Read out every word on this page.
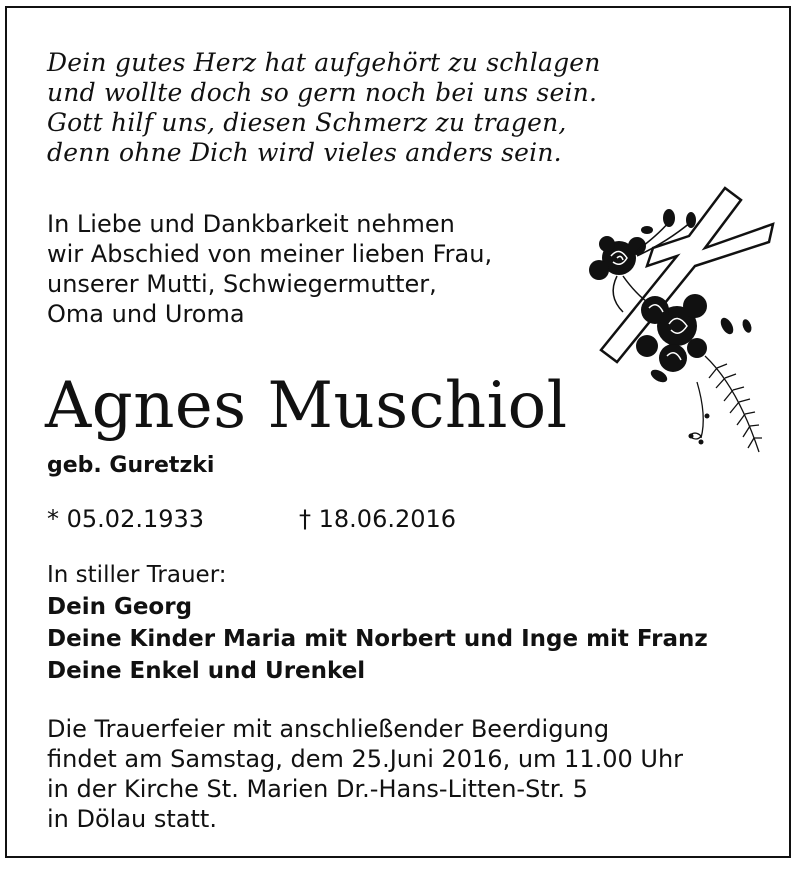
Dein gutes Herz hat aufgehört zu schlagen
und wollte doch so gern noch bei uns sein.
Gott hilf uns, diesen Schmerz zu tragen,
denn ohne Dich wird vieles anders sein.
In Liebe und Dankbarkeit nehmen
wir Abschied von meiner lieben Frau,
unserer Mutti, Schwiegermutter,
Oma und Uroma
Agnes Muschiol
geb. Guretzki
* 05.02.1933	† 18.06.2016
In stiller Trauer:
Dein Georg
Deine Kinder Maria mit Norbert und Inge mit Franz
Deine Enkel und Urenkel
Die Trauerfeier mit anschließender Beerdigung
findet am Samstag, dem 25.Juni 2016, um 11.00 Uhr
in der Kirche St. Marien Dr.-Hans-Litten-Str. 5
in Dölau statt.
